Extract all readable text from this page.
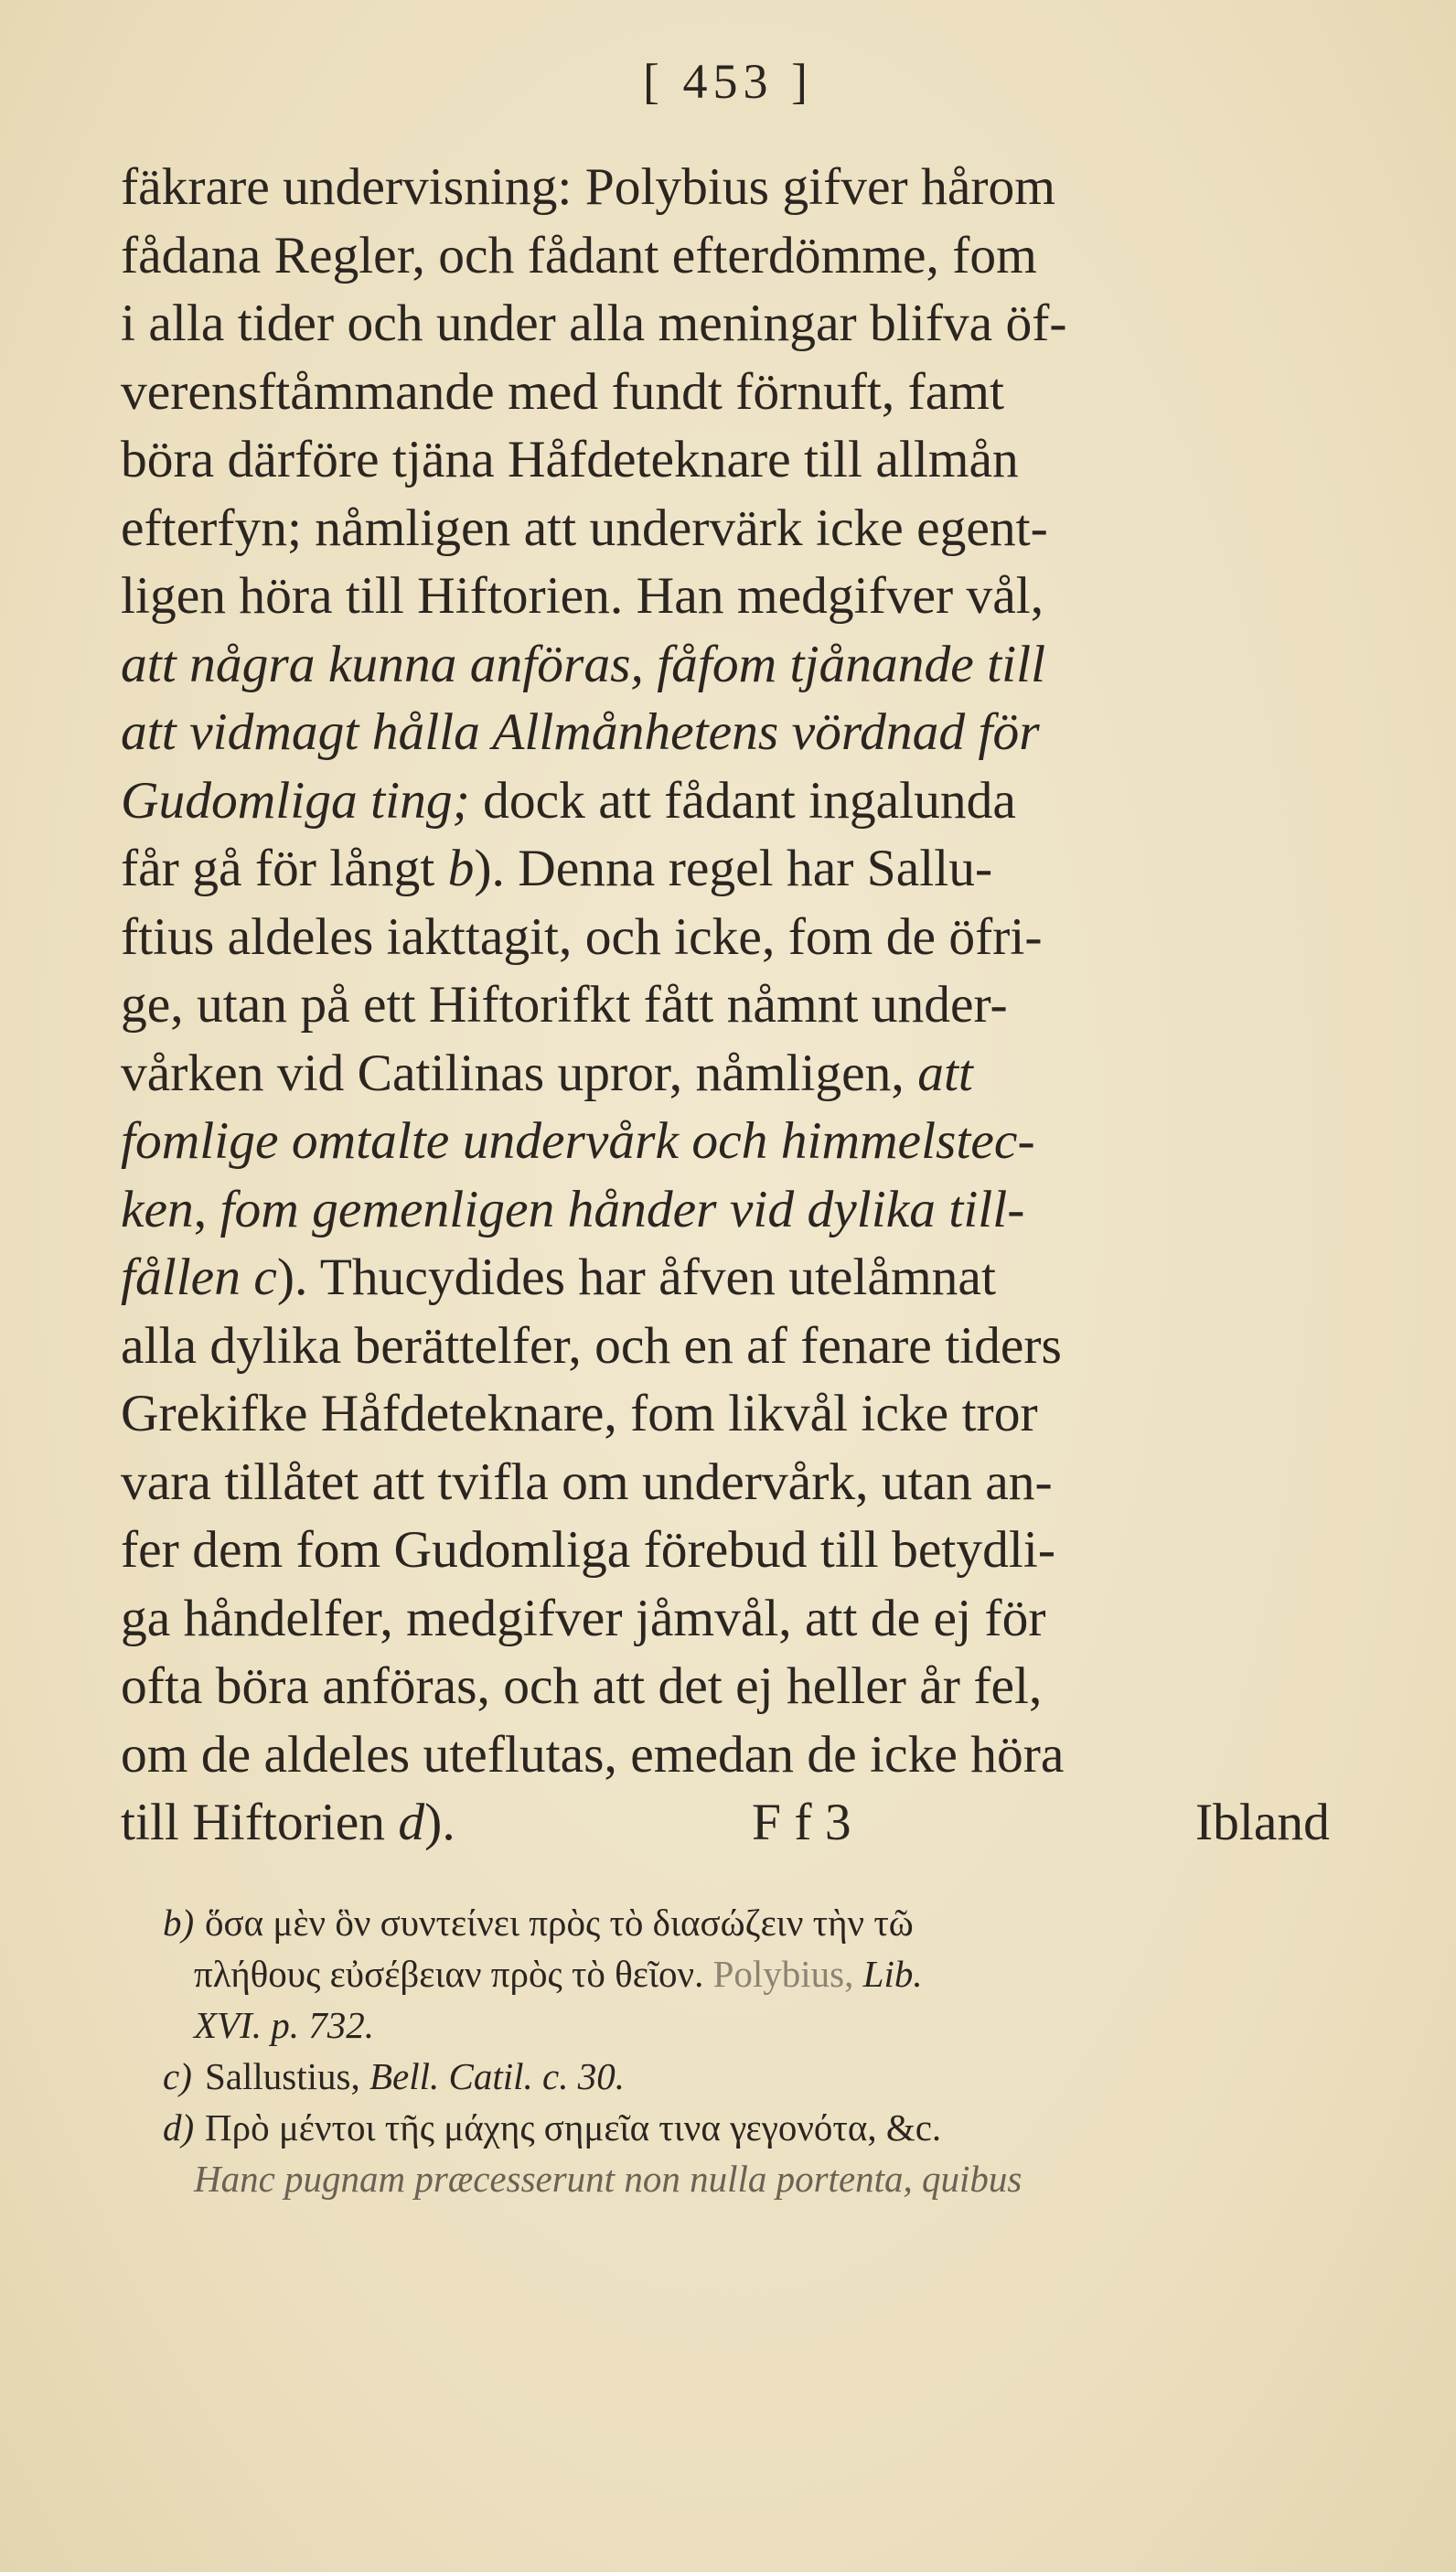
[ 453 ]
fäkrare undervisning: Polybius gifver hårom
fådana Regler, och fådant efterdömme, fom
i alla tider och under alla meningar blifva öf-
verensftåmmande med fundt förnuft, famt
böra därföre tjäna Håfdeteknare till allmån
efterfyn; nåmligen att undervärk icke egent-
ligen höra till Hiftorien. Han medgifver vål,
att några kunna anföras, fåfom tjånande till
att vidmagt hålla Allmånhetens vördnad för
Gudomliga ting; dock att fådant ingalunda
får gå för långt b). Denna regel har Sallu-
ftius aldeles iakttagit, och icke, fom de öfri-
ge, utan på ett Hiftorifkt fått nåmnt under-
vårken vid Catilinas upror, nåmligen, att
fomlige omtalte undervårk och himmelstec-
ken, fom gemenligen hånder vid dylika till-
fållen c). Thucydides har åfven utelåmnat
alla dylika berättelfer, och en af fenare tiders
Grekifke Håfdeteknare, fom likvål icke tror
vara tillåtet att tvifla om undervårk, utan an-
fer dem fom Gudomliga förebud till betydli-
ga håndelfer, medgifver jåmvål, att de ej för
ofta böra anföras, och att det ej heller år fel,
om de aldeles uteflutas, emedan de icke höra
till Hiftorien d).	F f 3	Ibland
b) ὅσα μὲν ὃν συντείνει πρὸς τὸ διασώζειν τὴν τῶ
πλήθους εὐσέβειαν πρὸς τὸ θεῖον. Polybius, Lib.
XVI. p. 732.
c) Sallustius, Bell. Catil. c. 30.
d) Πρὸ μέντοι τῆς μάχης σημεῖα τινα γεγονότα, &c.
Hanc pugnam præcesserunt non nulla portenta, quibus
